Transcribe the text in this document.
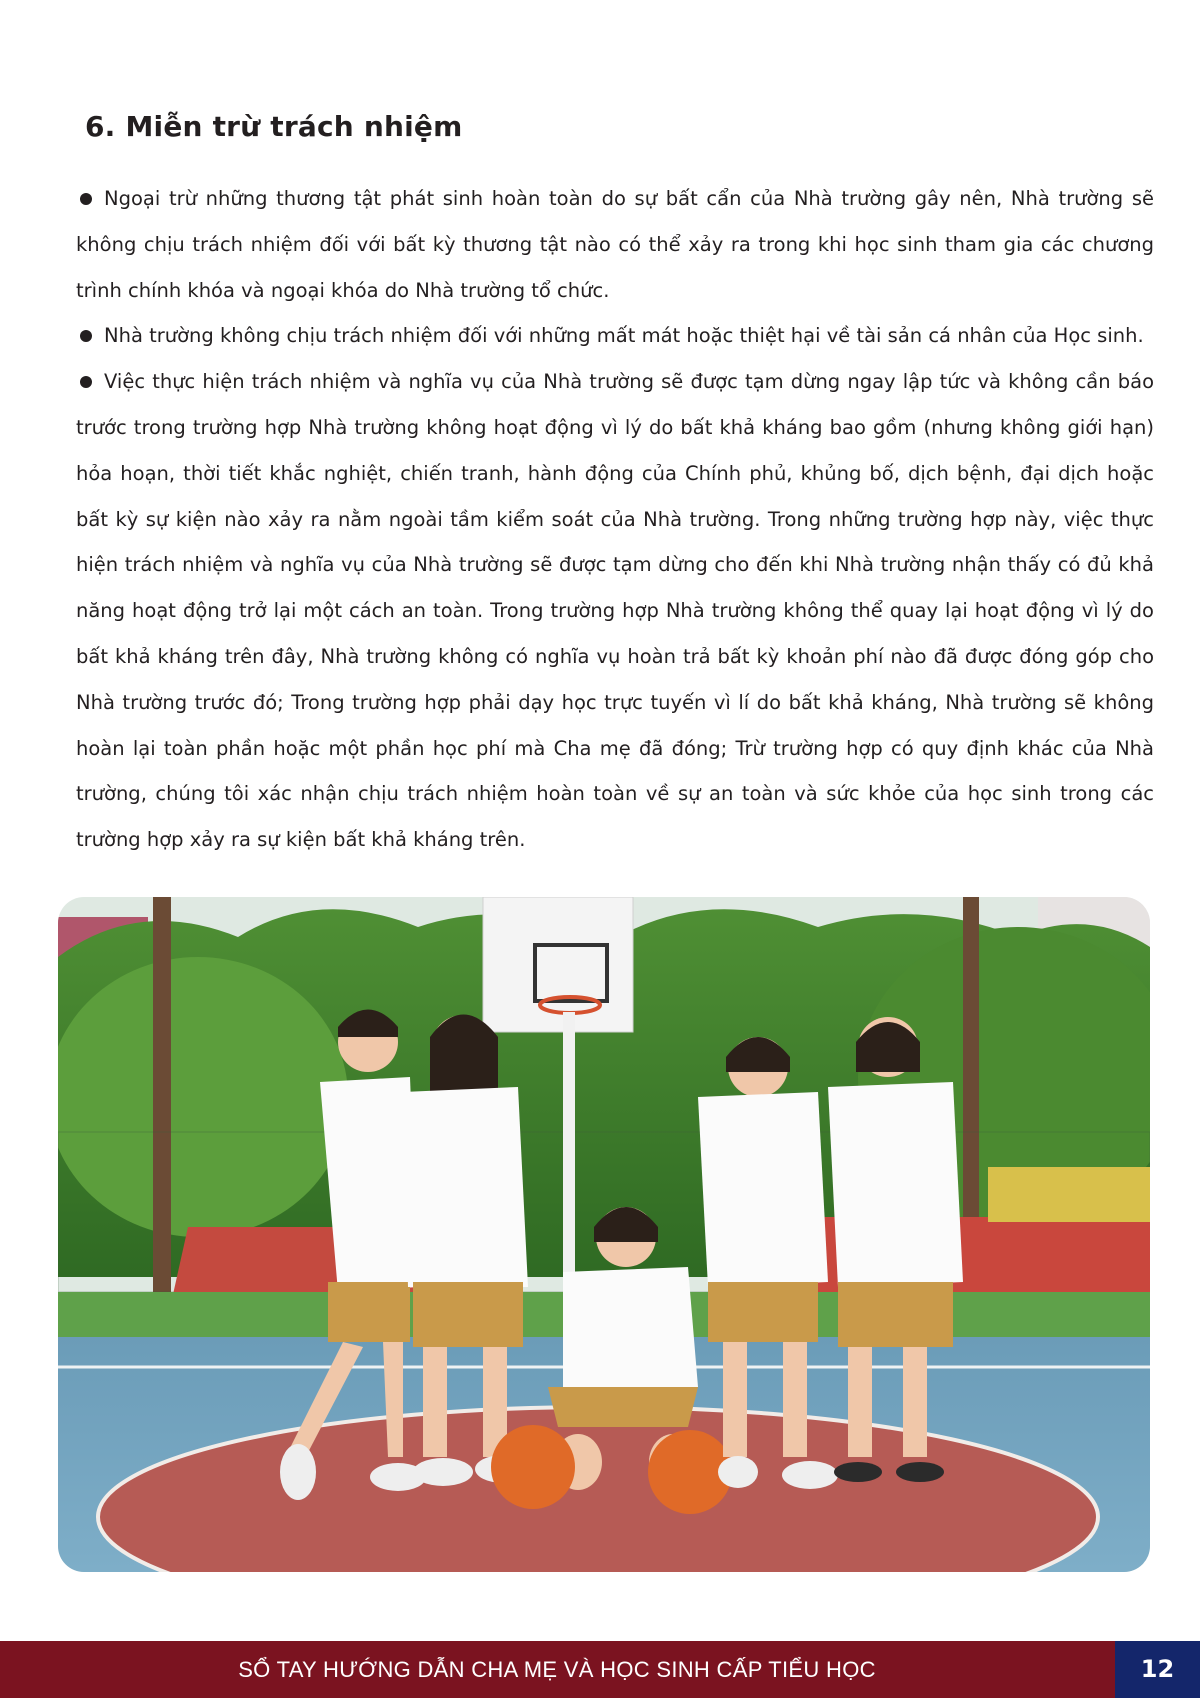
6. Miễn trừ trách nhiệm

Ngoại trừ những thương tật phát sinh hoàn toàn do sự bất cẩn của Nhà trường gây nên, Nhà trường sẽ không chịu trách nhiệm đối với bất kỳ thương tật nào có thể xảy ra trong khi học sinh tham gia các chương trình chính khóa và ngoại khóa do Nhà trường tổ chức.

Nhà trường không chịu trách nhiệm đối với những mất mát hoặc thiệt hại về tài sản cá nhân của Học sinh.

Việc thực hiện trách nhiệm và nghĩa vụ của Nhà trường sẽ được tạm dừng ngay lập tức và không cần báo trước trong trường hợp Nhà trường không hoạt động vì lý do bất khả kháng bao gồm (nhưng không giới hạn) hỏa hoạn, thời tiết khắc nghiệt, chiến tranh, hành động của Chính phủ, khủng bố, dịch bệnh, đại dịch hoặc bất kỳ sự kiện nào xảy ra nằm ngoài tầm kiểm soát của Nhà trường. Trong những trường hợp này, việc thực hiện trách nhiệm và nghĩa vụ của Nhà trường sẽ được tạm dừng cho đến khi Nhà trường nhận thấy có đủ khả năng hoạt động trở lại một cách an toàn. Trong trường hợp Nhà trường không thể quay lại hoạt động vì lý do bất khả kháng trên đây, Nhà trường không có nghĩa vụ hoàn trả bất kỳ khoản phí nào đã được đóng góp cho Nhà trường trước đó; Trong trường hợp phải dạy học trực tuyến vì lí do bất khả kháng, Nhà trường sẽ không hoàn lại toàn phần hoặc một phần học phí mà Cha mẹ đã đóng; Trừ trường hợp có quy định khác của Nhà trường, chúng tôi xác nhận chịu trách nhiệm hoàn toàn về sự an toàn và sức khỏe của học sinh trong các trường hợp xảy ra sự kiện bất khả kháng trên.

SỔ TAY HƯỚNG DẪN CHA MẸ VÀ HỌC SINH CẤP TIỂU HỌC	12
